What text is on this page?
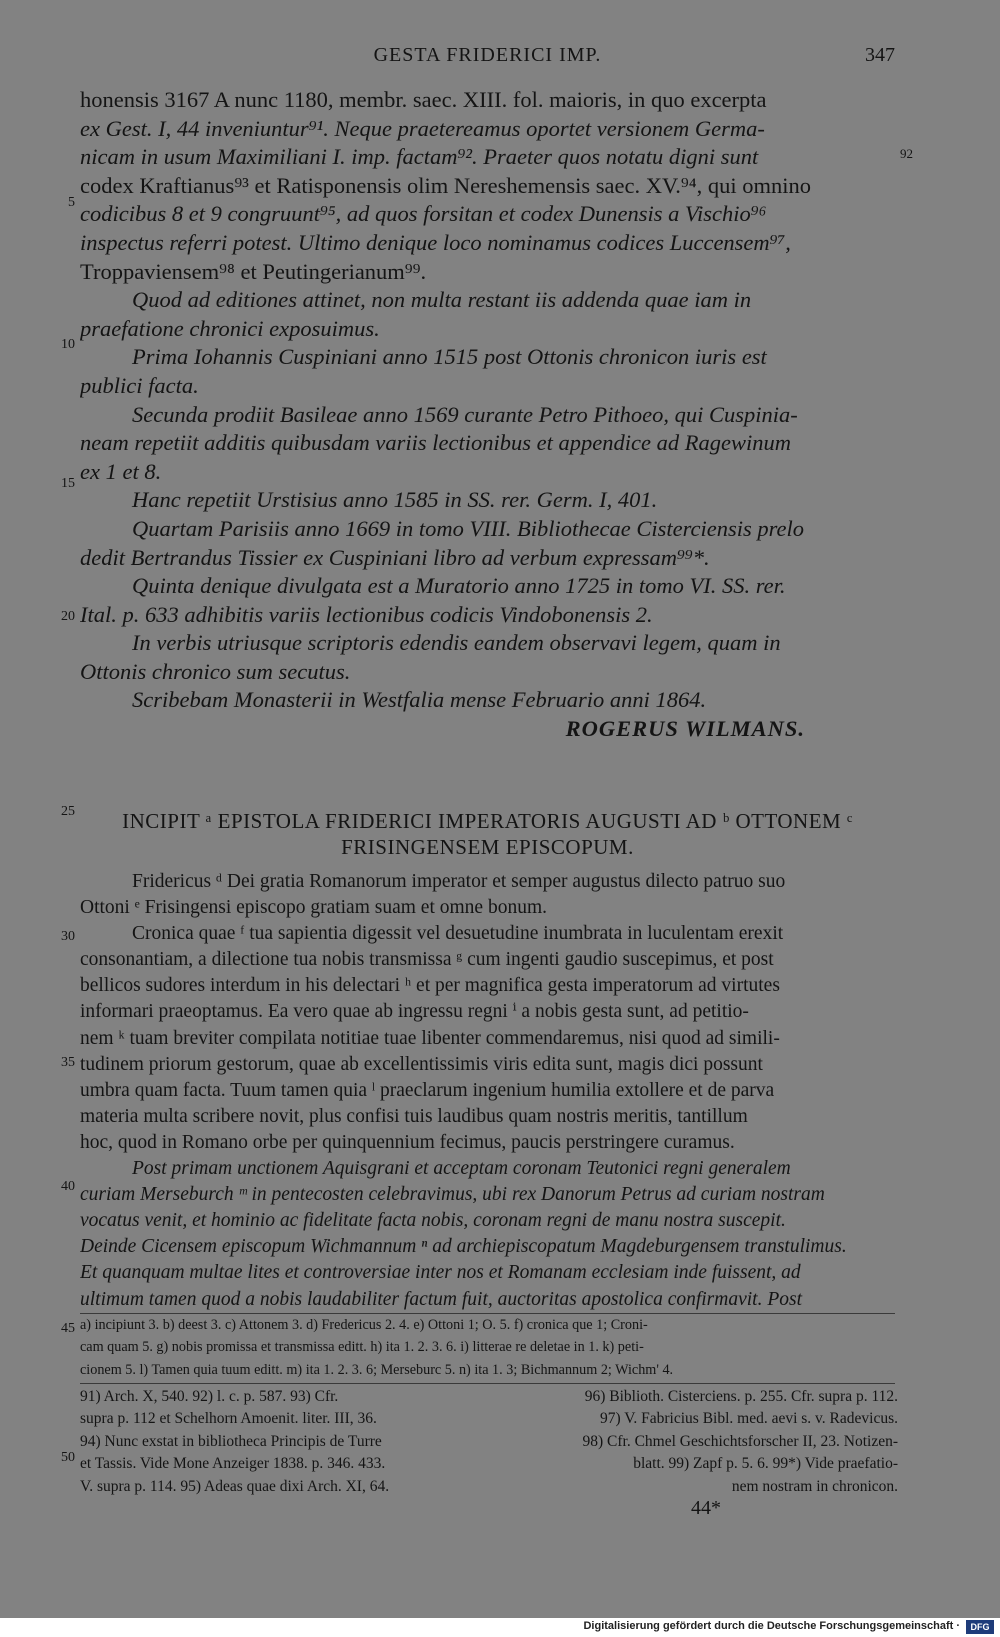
GESTA FRIDERICI IMP.	347
honensis 3167 A nunc 1180, membr. saec. XIII. fol. maioris, in quo excerpta
ex Gest. I, 44 inveniuntur⁹¹. Neque praetereamus oportet versionem Germa-
nicam in usum Maximiliani I. imp. factam⁹². Praeter quos notatu digni sunt
codex Kraftianus⁹³ et Ratisponensis olim Nereshemensis saec. XV.⁹⁴, qui omnino
codicibus 8 et 9 congruunt⁹⁵, ad quos forsitan et codex Dunensis a Vischio⁹⁶
inspectus referri potest. Ultimo denique loco nominamus codices Luccensem⁹⁷,
Troppaviensem⁹⁸ et Peutingerianum⁹⁹.
Quod ad editiones attinet, non multa restant iis addenda quae iam in
praefatione chronici exposuimus.
Prima Iohannis Cuspiniani anno 1515 post Ottonis chronicon iuris est
publici facta.
Secunda prodiit Basileae anno 1569 curante Petro Pithoeo, qui Cuspinia-
neam repetiit additis quibusdam variis lectionibus et appendice ad Ragewinum
ex 1 et 8.
Hanc repetiit Urstisius anno 1585 in SS. rer. Germ. I, 401.
Quartam Parisiis anno 1669 in tomo VIII. Bibliothecae Cisterciensis prelo
dedit Bertrandus Tissier ex Cuspiniani libro ad verbum expressam⁹⁹*.
Quinta denique divulgata est a Muratorio anno 1725 in tomo VI. SS. rer.
Ital. p. 633 adhibitis variis lectionibus codicis Vindobonensis 2.
In verbis utriusque scriptoris edendis eandem observavi legem, quam in
Ottonis chronico sum secutus.
Scribebam Monasterii in Westfalia mense Februario anni 1864.
ROGERUS WILMANS.
INCIPIT ᵃ EPISTOLA FRIDERICI IMPERATORIS AUGUSTI AD ᵇ OTTONEM ᶜ
FRISINGENSEM EPISCOPUM.
Fridericus ᵈ Dei gratia Romanorum imperator et semper augustus dilecto patruo suo
Ottoni ᵉ Frisingensi episcopo gratiam suam et omne bonum.
Cronica quae ᶠ tua sapientia digessit vel desuetudine inumbrata in luculentam erexit
consonantiam, a dilectione tua nobis transmissa ᵍ cum ingenti gaudio suscepimus, et post
bellicos sudores interdum in his delectari ʰ et per magnifica gesta imperatorum ad virtutes
informari praeoptamus. Ea vero quae ab ingressu regni ⁱ a nobis gesta sunt, ad petitio-
nem ᵏ tuam breviter compilata notitiae tuae libenter commendaremus, nisi quod ad simili-
tudinem priorum gestorum, quae ab excellentissimis viris edita sunt, magis dici possunt
umbra quam facta. Tuum tamen quia ˡ praeclarum ingenium humilia extollere et de parva
materia multa scribere novit, plus confisi tuis laudibus quam nostris meritis, tantillum
hoc, quod in Romano orbe per quinquennium fecimus, paucis perstringere curamus.
Post primam unctionem Aquisgrani et acceptam coronam Teutonici regni generalem
curiam Merseburch ᵐ in pentecosten celebravimus, ubi rex Danorum Petrus ad curiam nostram
vocatus venit, et hominio ac fidelitate facta nobis, coronam regni de manu nostra suscepit.
Deinde Cicensem episcopum Wichmannum ⁿ ad archiepiscopatum Magdeburgensem transtulimus.
Et quanquam multae lites et controversiae inter nos et Romanam ecclesiam inde fuissent, ad
ultimum tamen quod a nobis laudabiliter factum fuit, auctoritas apostolica confirmavit. Post
a) incipiunt 3. b) deest 3. c) Attonem 3. d) Fredericus 2. 4. e) Ottoni 1; O. 5. f) cronica que 1; Croni-
cam quam 5. g) nobis promissa et transmissa editt. h) ita 1. 2. 3. 6. i) litterae re deletae in 1. k) peti-
cionem 5. l) Tamen quia tuum editt. m) ita 1. 2. 3. 6; Merseburc 5. n) ita 1. 3; Bichmannum 2; Wichm' 4.
91) Arch. X, 540. 92) l. c. p. 587. 93) Cfr.
supra p. 112 et Schelhorn Amoenit. liter. III, 36.
94) Nunc exstat in bibliotheca Principis de Turre
et Tassis. Vide Mone Anzeiger 1838. p. 346. 433.
V. supra p. 114. 95) Adeas quae dixi Arch. XI, 64.
96) Biblioth. Cisterciens. p. 255. Cfr. supra p. 112.
97) V. Fabricius Bibl. med. aevi s. v. Radevicus.
98) Cfr. Chmel Geschichtsforscher II, 23. Notizen-
blatt. 99) Zapf p. 5. 6. 99*) Vide praefatio-
nem nostram in chronicon.
44*
92
5
10
15
20
25
30
35
40
45
50
Digitalisierung gefördert durch die Deutsche Forschungsgemeinschaft ·	DFG
